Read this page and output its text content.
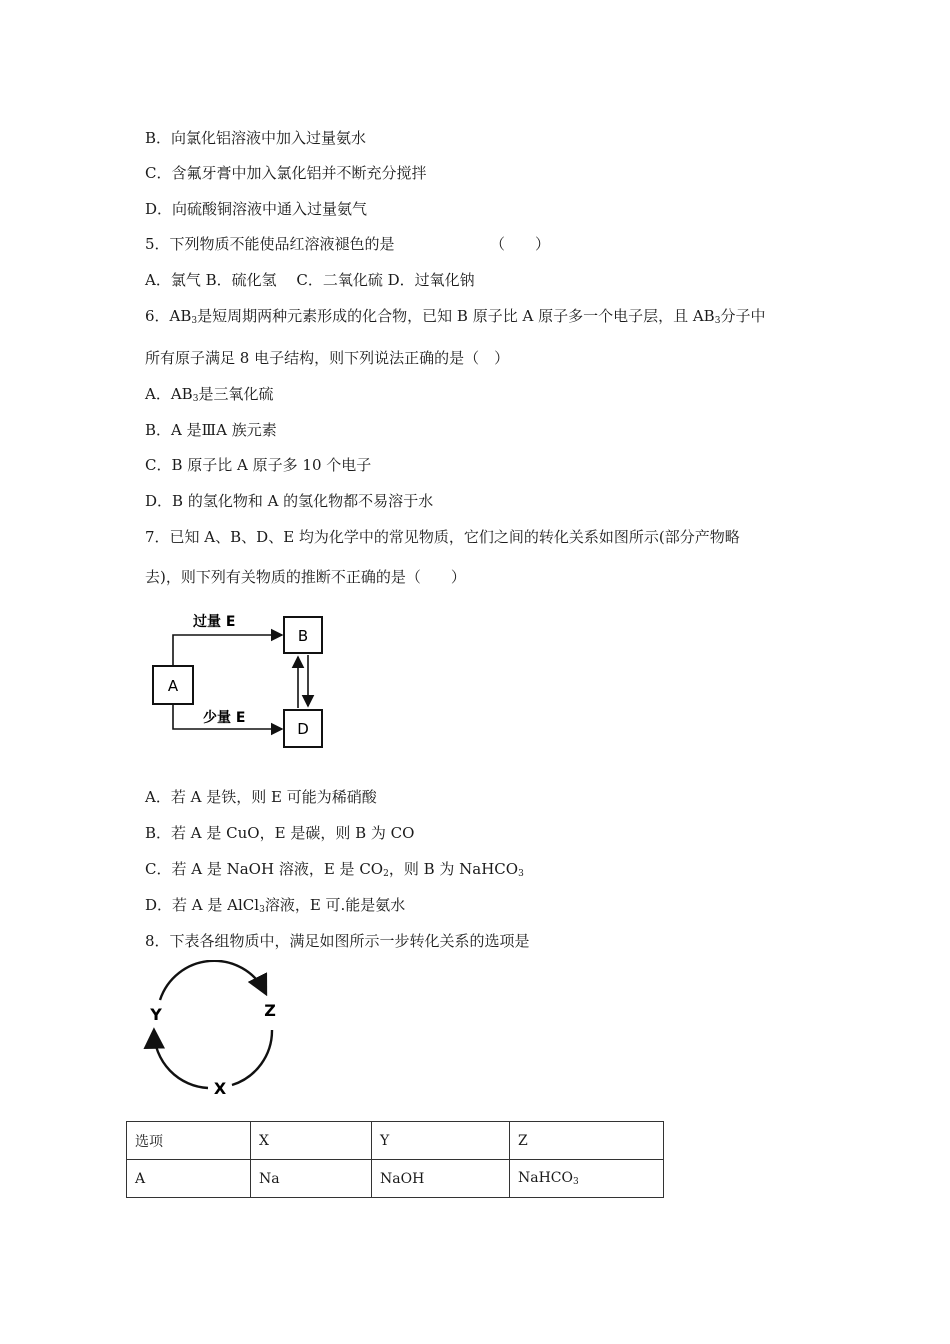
B．向氯化铝溶液中加入过量氨水
C．含氟牙膏中加入氯化铝并不断充分搅拌
D．向硫酸铜溶液中通入过量氨气
5．下列物质不能使品红溶液褪色的是	（　　）
A．氯气 B．硫化氢　 C．二氧化硫 D．过氧化钠
6．$AB_3$是短周期两种元素形成的化合物，已知 B 原子比 A 原子多一个电子层，且 $AB_3$分子中
所有原子满足 8 电子结构，则下列说法正确的是（　）
A．$AB_3$是三氧化硫
B．A 是ⅢA 族元素
C．B 原子比 A 原子多 10 个电子
D．B 的氢化物和 A 的氢化物都不易溶于水
7．已知 A、B、D、E 均为化学中的常见物质，它们之间的转化关系如图所示(部分产物略
去)，则下列有关物质的推断不正确的是（　　）
A
B
D
过量 E
少量 E
A．若 A 是铁，则 E 可能为稀硝酸
B．若 A 是 CuO，E 是碳，则 B 为 CO
C．若 A 是 NaOH 溶液，E 是 $CO_2$，则 B 为 NaHCO$_3$
D．若 A 是 AlCl$_3$溶液，E 可.能是氨水
8．下表各组物质中，满足如图所示一步转化关系的选项是
Y	Z
X
选项	X	Y	Z
A	Na	NaOH	NaHCO$_3$
